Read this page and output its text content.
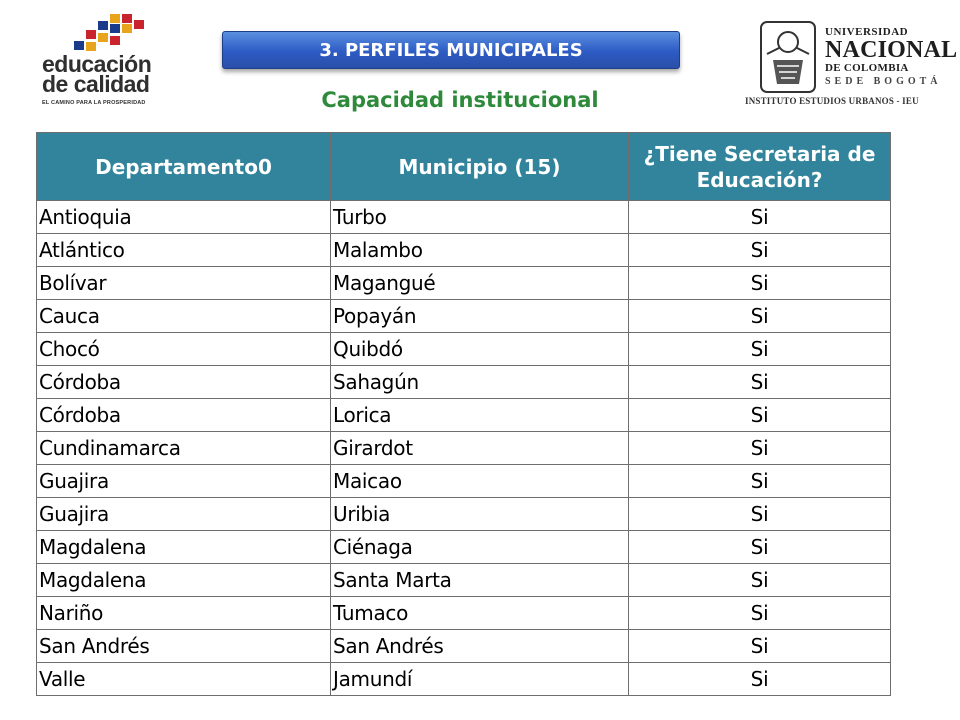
educación
de calidad
EL CAMINO PARA LA PROSPERIDAD
3. PERFILES MUNICIPALES
Capacidad institucional
UNIVERSIDAD
NACIONAL
DE COLOMBIA
SEDE BOGOTÁ
INSTITUTO ESTUDIOS URBANOS - IEU
Departamento0	Municipio (15)	¿Tiene Secretaria de Educación?
Antioquia	Turbo	Si
Atlántico	Malambo	Si
Bolívar	Magangué	Si
Cauca	Popayán	Si
Chocó	Quibdó	Si
Córdoba	Sahagún	Si
Córdoba	Lorica	Si
Cundinamarca	Girardot	Si
Guajira	Maicao	Si
Guajira	Uribia	Si
Magdalena	Ciénaga	Si
Magdalena	Santa Marta	Si
Nariño	Tumaco	Si
San Andrés	San Andrés	Si
Valle	Jamundí	Si
